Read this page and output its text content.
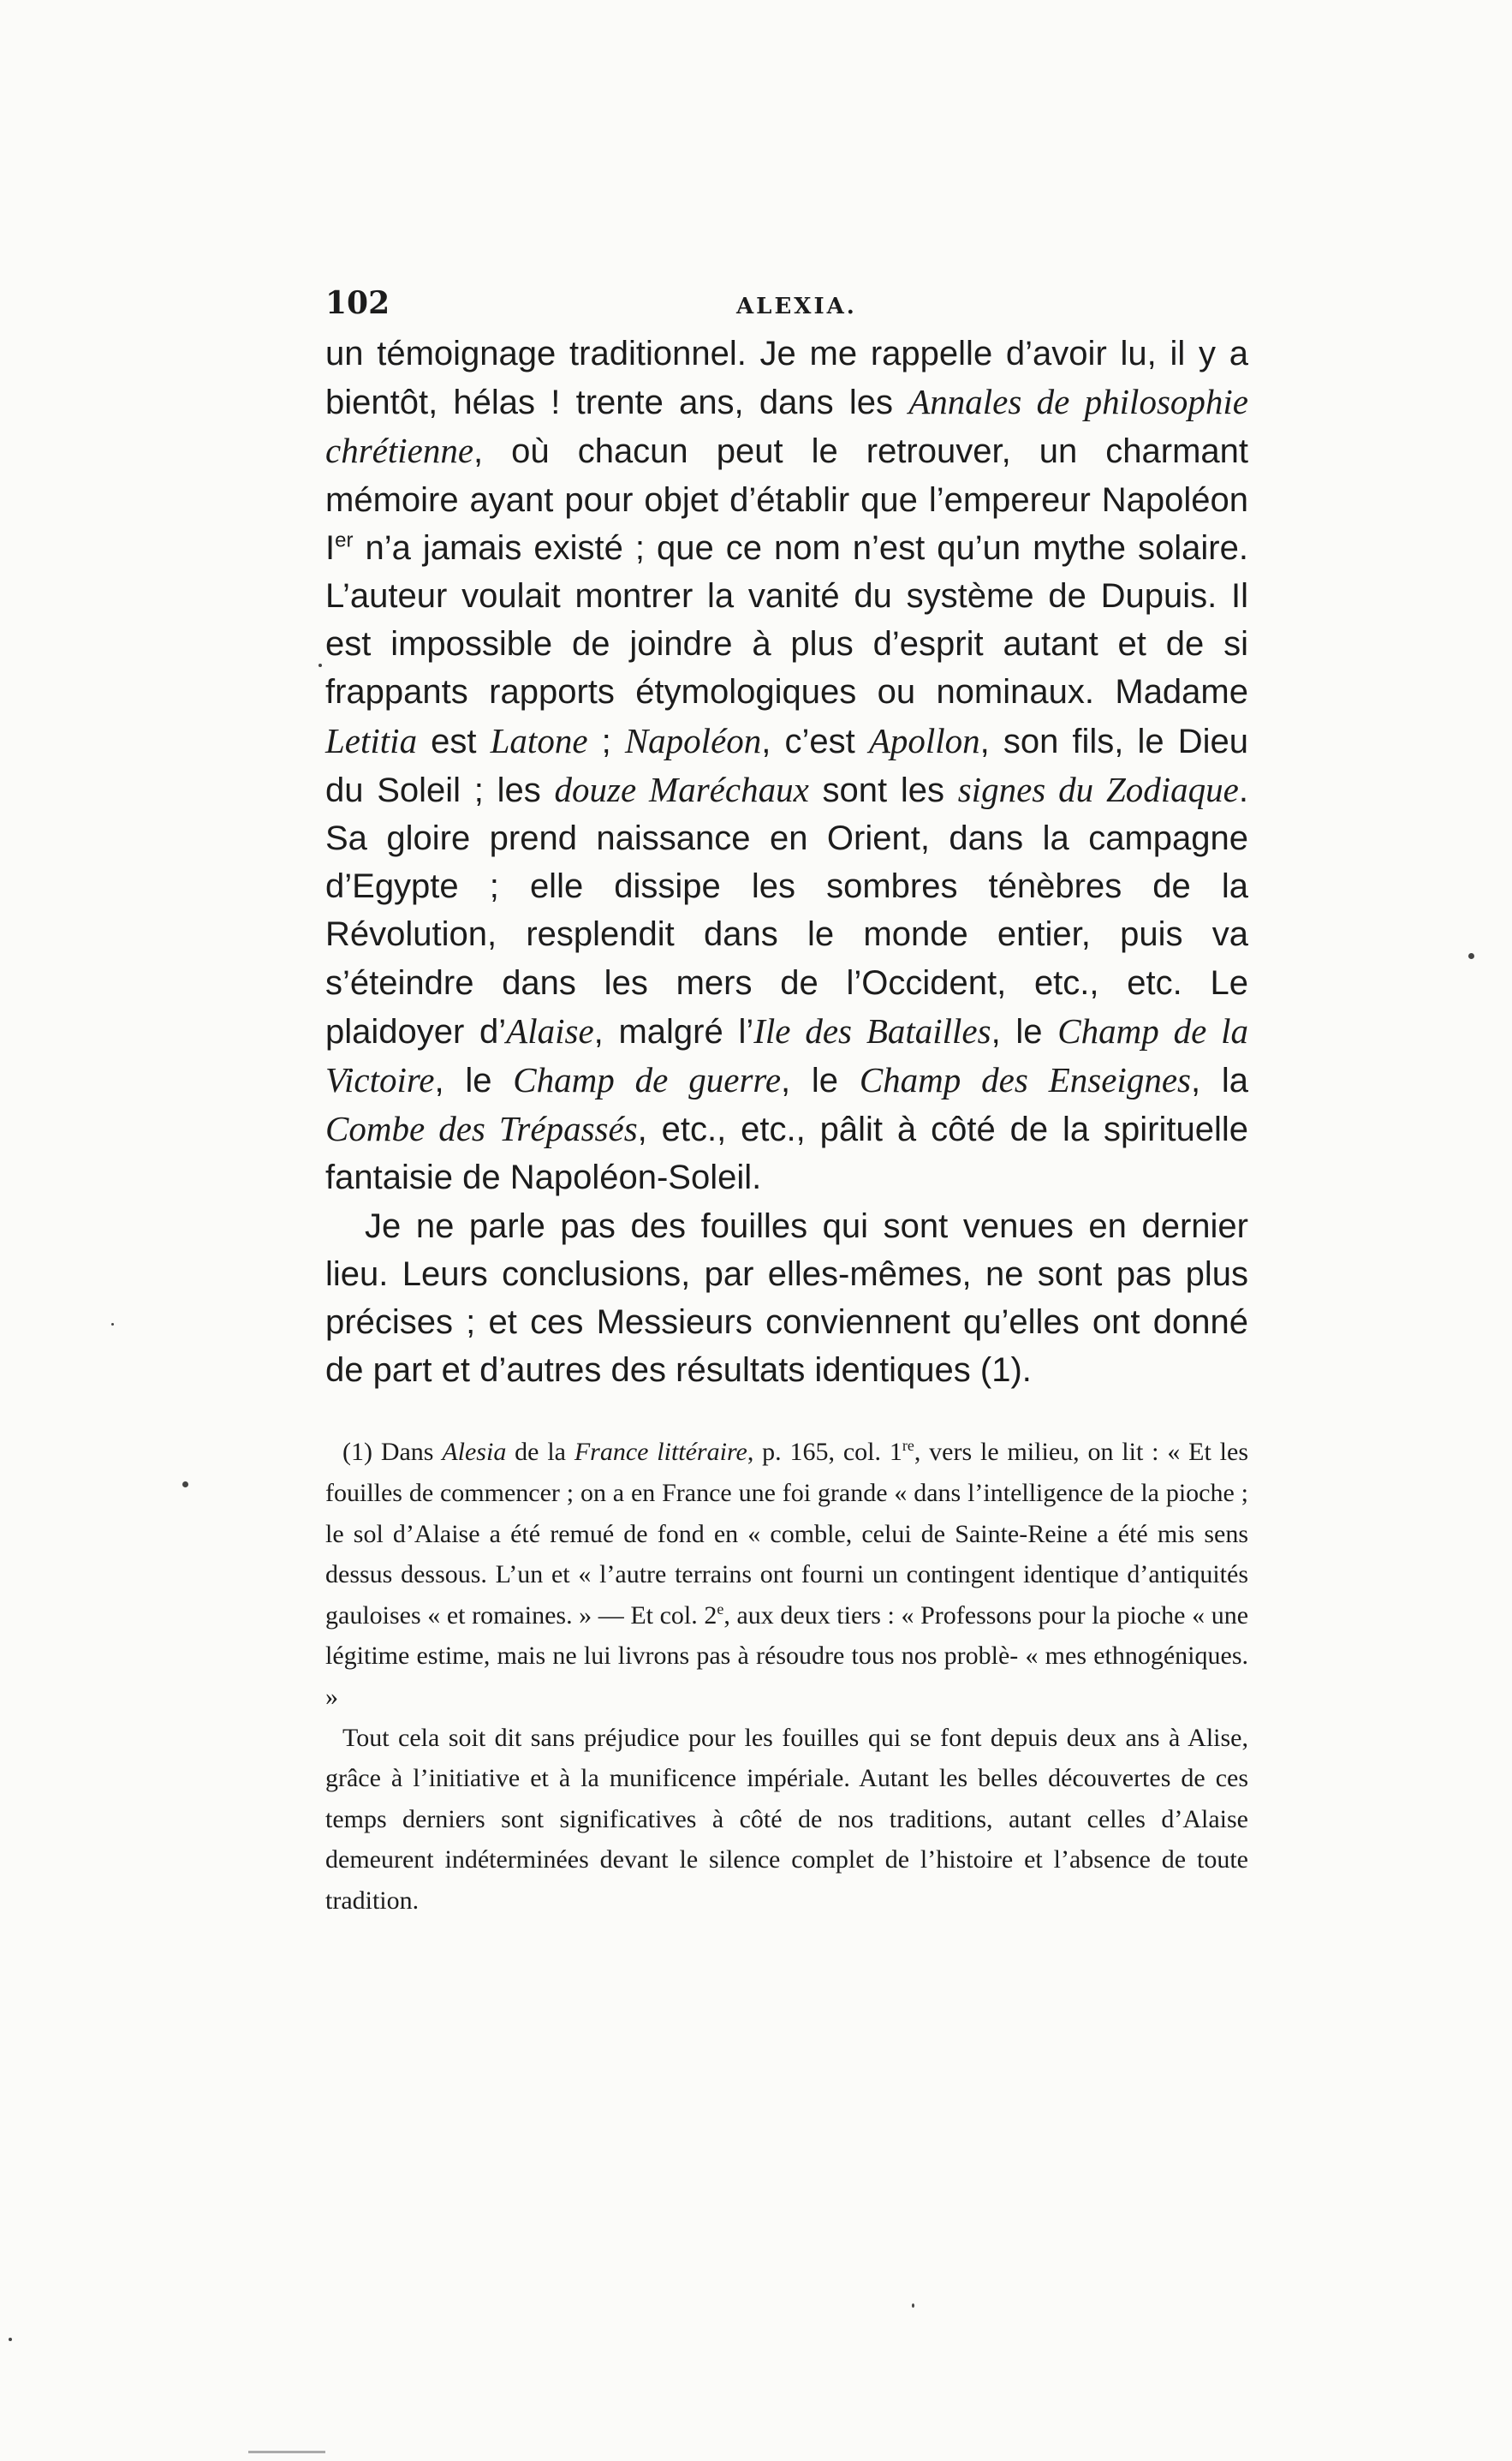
102	ALEXIA.

un témoignage traditionnel. Je me rappelle d’avoir lu, il y a bientôt, hélas ! trente ans, dans les Annales de philosophie chrétienne, où chacun peut le retrouver, un charmant mémoire ayant pour objet d’établir que l’empereur Napoléon Ier n’a jamais existé ; que ce nom n’est qu’un mythe solaire. L’auteur voulait montrer la vanité du système de Dupuis. Il est impossible de joindre à plus d’esprit autant et de si frappants rapports étymologiques ou nominaux. Madame Letitia est Latone ; Napoléon, c’est Apollon, son fils, le Dieu du Soleil ; les douze Maréchaux sont les signes du Zodiaque. Sa gloire prend naissance en Orient, dans la campagne d’Egypte ; elle dissipe les sombres ténèbres de la Révolution, resplendit dans le monde entier, puis va s’éteindre dans les mers de l’Occident, etc., etc. Le plaidoyer d’Alaise, malgré l’Ile des Batailles, le Champ de la Victoire, le Champ de guerre, le Champ des Enseignes, la Combe des Trépassés, etc., etc., pâlit à côté de la spirituelle fantaisie de Napoléon-Soleil.

Je ne parle pas des fouilles qui sont venues en dernier lieu. Leurs conclusions, par elles-mêmes, ne sont pas plus précises ; et ces Messieurs conviennent qu’elles ont donné de part et d’autres des résultats identiques (1).

(1) Dans Alesia de la France littéraire, p. 165, col. 1re, vers le milieu, on lit : « Et les fouilles de commencer ; on a en France une foi grande « dans l’intelligence de la pioche ; le sol d’Alaise a été remué de fond en « comble, celui de Sainte-Reine a été mis sens dessus dessous. L’un et « l’autre terrains ont fourni un contingent identique d’antiquités gauloises « et romaines. » — Et col. 2e, aux deux tiers : « Professons pour la pioche « une légitime estime, mais ne lui livrons pas à résoudre tous nos problè- « mes ethnogéniques. »

Tout cela soit dit sans préjudice pour les fouilles qui se font depuis deux ans à Alise, grâce à l’initiative et à la munificence impériale. Autant les belles découvertes de ces temps derniers sont significatives à côté de nos traditions, autant celles d’Alaise demeurent indéterminées devant le silence complet de l’histoire et l’absence de toute tradition.
